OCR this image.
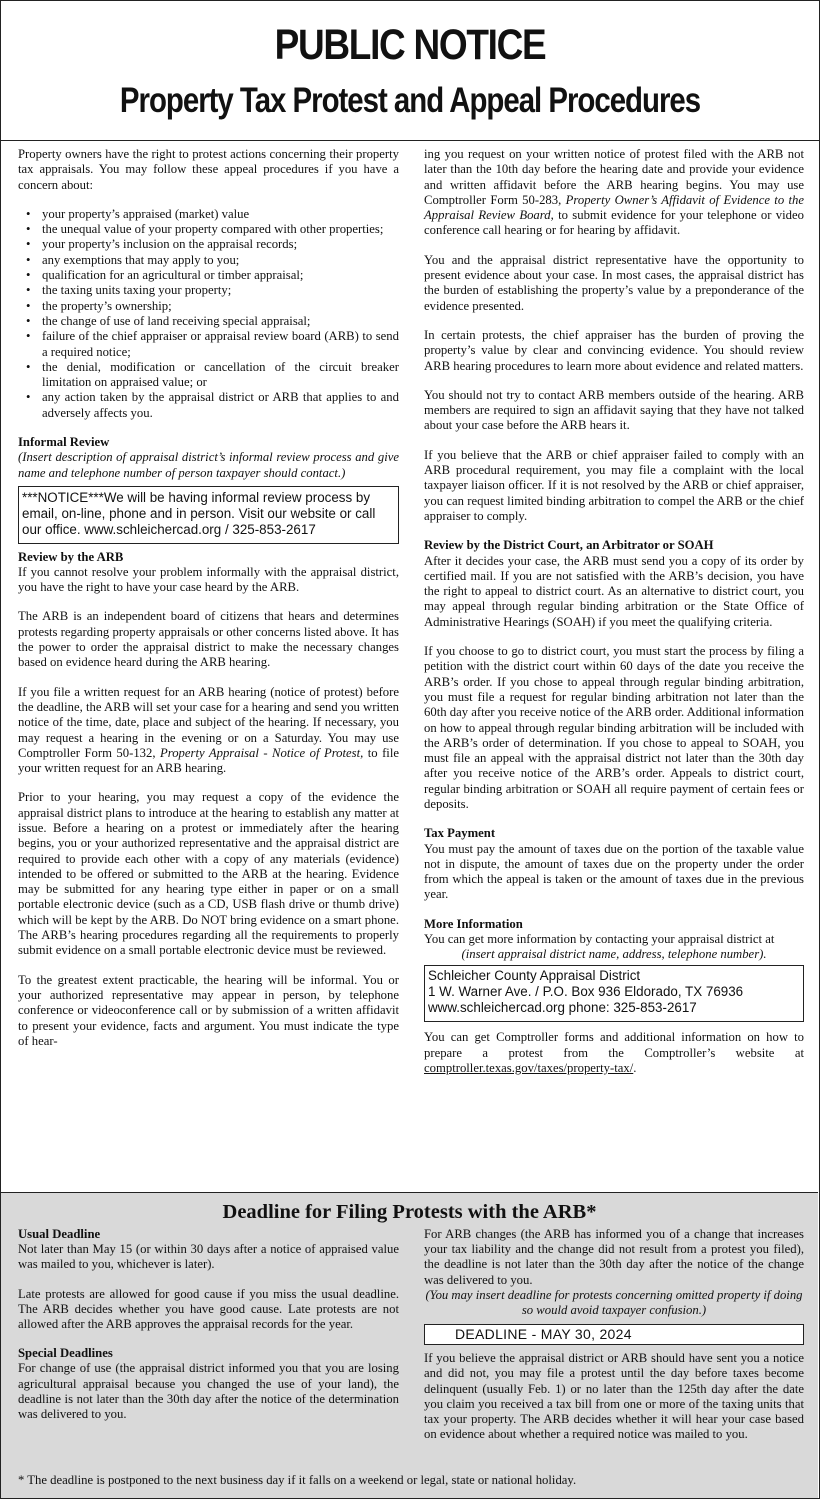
PUBLIC NOTICE
Property Tax Protest and Appeal Procedures

Property owners have the right to protest actions concerning their property tax appraisals. You may follow these appeal procedures if you have a concern about:

• your property’s appraised (market) value
• the unequal value of your property compared with other properties;
• your property’s inclusion on the appraisal records;
• any exemptions that may apply to you;
• qualification for an agricultural or timber appraisal;
• the taxing units taxing your property;
• the property’s ownership;
• the change of use of land receiving special appraisal;
• failure of the chief appraiser or appraisal review board (ARB) to send a required notice;
• the denial, modification or cancellation of the circuit breaker limitation on appraised value; or
• any action taken by the appraisal district or ARB that applies to and adversely affects you.
Informal Review
(Insert description of appraisal district’s informal review process and give name and telephone number of person taxpayer should contact.)
***NOTICE***We will be having informal review process by email, on-line, phone and in person. Visit our website or call our office. www.schleichercad.org / 325-853-2617
Review by the ARB

If you cannot resolve your problem informally with the appraisal district, you have the right to have your case heard by the ARB.

The ARB is an independent board of citizens that hears and determines protests regarding property appraisals or other concerns listed above. It has the power to order the appraisal district to make the necessary changes based on evidence heard during the ARB hearing.

If you file a written request for an ARB hearing (notice of protest) before the deadline, the ARB will set your case for a hearing and send you written notice of the time, date, place and subject of the hearing. If necessary, you may request a hearing in the evening or on a Saturday. You may use Comptroller Form 50-132, Property Appraisal - Notice of Protest, to file your written request for an ARB hearing.

Prior to your hearing, you may request a copy of the evidence the appraisal district plans to introduce at the hearing to establish any matter at issue. Before a hearing on a protest or immediately after the hearing begins, you or your authorized representative and the appraisal district are required to provide each other with a copy of any materials (evidence) intended to be offered or submitted to the ARB at the hearing. Evidence may be submitted for any hearing type either in paper or on a small portable electronic device (such as a CD, USB flash drive or thumb drive) which will be kept by the ARB. Do NOT bring evidence on a smart phone. The ARB’s hearing procedures regarding all the requirements to properly submit evidence on a small portable electronic device must be reviewed.

To the greatest extent practicable, the hearing will be informal. You or your authorized representative may appear in person, by telephone conference or videoconference call or by submission of a written affidavit to present your evidence, facts and argument. You must indicate the type of hear-

ing you request on your written notice of protest filed with the ARB not later than the 10th day before the hearing date and provide your evidence and written affidavit before the ARB hearing begins. You may use Comptroller Form 50-283, Property Owner’s Affidavit of Evidence to the Appraisal Review Board, to submit evidence for your telephone or video conference call hearing or for hearing by affidavit.

You and the appraisal district representative have the opportunity to present evidence about your case. In most cases, the appraisal district has the burden of establishing the property’s value by a preponderance of the evidence presented.

In certain protests, the chief appraiser has the burden of proving the property’s value by clear and convincing evidence. You should review ARB hearing procedures to learn more about evidence and related matters.

You should not try to contact ARB members outside of the hearing. ARB members are required to sign an affidavit saying that they have not talked about your case before the ARB hears it.

If you believe that the ARB or chief appraiser failed to comply with an ARB procedural requirement, you may file a complaint with the local taxpayer liaison officer. If it is not resolved by the ARB or chief appraiser, you can request limited binding arbitration to compel the ARB or the chief appraiser to comply.

Review by the District Court, an Arbitrator or SOAH

After it decides your case, the ARB must send you a copy of its order by certified mail. If you are not satisfied with the ARB’s decision, you have the right to appeal to district court. As an alternative to district court, you may appeal through regular binding arbitration or the State Office of Administrative Hearings (SOAH) if you meet the qualifying criteria.

If you choose to go to district court, you must start the process by filing a petition with the district court within 60 days of the date you receive the ARB’s order. If you chose to appeal through regular binding arbitration, you must file a request for regular binding arbitration not later than the 60th day after you receive notice of the ARB order. Additional information on how to appeal through regular binding arbitration will be included with the ARB’s order of determination. If you chose to appeal to SOAH, you must file an appeal with the appraisal district not later than the 30th day after you receive notice of the ARB’s order. Appeals to district court, regular binding arbitration or SOAH all require payment of certain fees or deposits.

Tax Payment

You must pay the amount of taxes due on the portion of the taxable value not in dispute, the amount of taxes due on the property under the order from which the appeal is taken or the amount of taxes due in the previous year.

More Information
You can get more information by contacting your appraisal district at
(insert appraisal district name, address, telephone number).
Schleicher County Appraisal District
1 W. Warner Ave. / P.O. Box 936 Eldorado, TX 76936
www.schleichercad.org phone: 325-853-2617

You can get Comptroller forms and additional information on how to prepare a protest from the Comptroller’s website at comptroller.texas.gov/taxes/property-tax/.

Deadline for Filing Protests with the ARB*
Usual Deadline

Not later than May 15 (or within 30 days after a notice of appraised value was mailed to you, whichever is later).

Late protests are allowed for good cause if you miss the usual deadline. The ARB decides whether you have good cause. Late protests are not allowed after the ARB approves the appraisal records for the year.

Special Deadlines

For change of use (the appraisal district informed you that you are losing agricultural appraisal because you changed the use of your land), the deadline is not later than the 30th day after the notice of the determination was delivered to you.

For ARB changes (the ARB has informed you of a change that increases your tax liability and the change did not result from a protest you filed), the deadline is not later than the 30th day after the notice of the change was delivered to you.
(You may insert deadline for protests concerning omitted property if doing so would avoid taxpayer confusion.)
DEADLINE - MAY 30, 2024
If you believe the appraisal district or ARB should have sent you a notice and did not, you may file a protest until the day before taxes become delinquent (usually Feb. 1) or no later than the 125th day after the date you claim you received a tax bill from one or more of the taxing units that tax your property. The ARB decides whether it will hear your case based on evidence about whether a required notice was mailed to you.
* The deadline is postponed to the next business day if it falls on a weekend or legal, state or national holiday.
